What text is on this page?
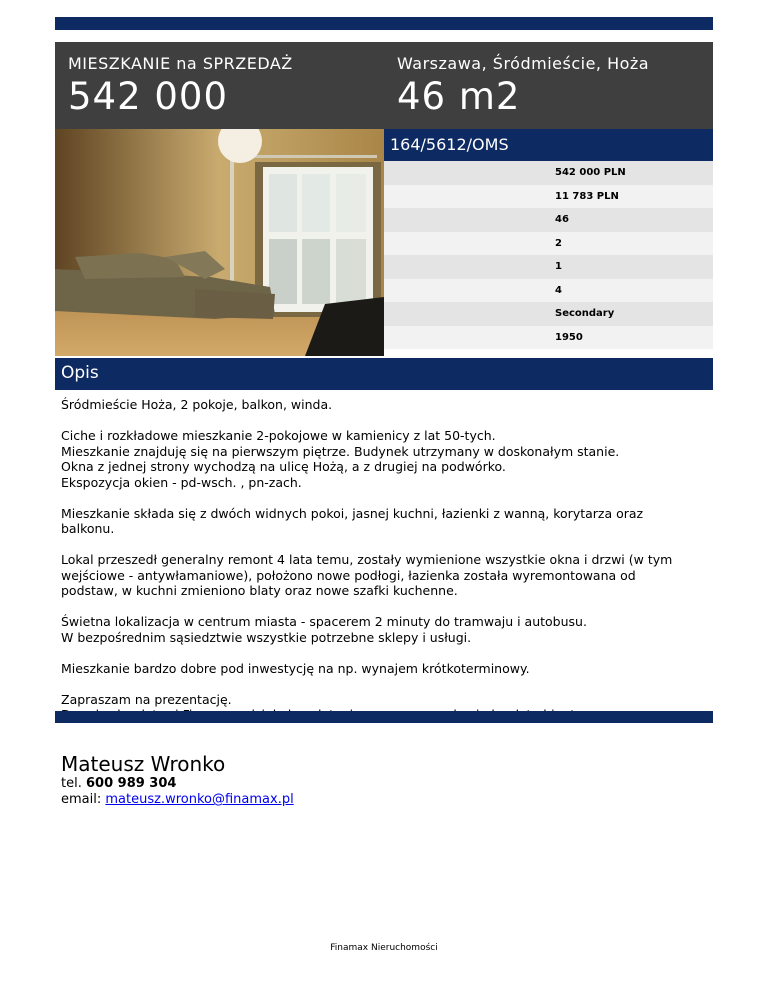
MIESZKANIE na SPRZEDAŻ
542 000
Warszawa, Śródmieście, Hoża
46 m2
164/5612/OMS
542 000 PLN
11 783 PLN
46
2
1
4
Secondary
1950
Opis

Śródmieście Hoża, 2 pokoje, balkon, winda.

Ciche i rozkładowe mieszkanie 2-pokojowe w kamienicy z lat 50-tych.
Mieszkanie znajduję się na pierwszym piętrze. Budynek utrzymany w doskonałym stanie.
Okna z jednej strony wychodzą na ulicę Hożą, a z drugiej na podwórko.
Ekspozycja okien - pd-wsch. , pn-zach.

Mieszkanie składa się z dwóch widnych pokoi, jasnej kuchni, łazienki z wanną, korytarza oraz
balkonu.

Lokal przeszedł generalny remont 4 lata temu, zostały wymienione wszystkie okna i drzwi (w tym
wejściowe - antywłamaniowe), położono nowe podłogi, łazienka została wyremontowana od
podstaw, w kuchni zmieniono blaty oraz nowe szafki kuchenne.

Świetna lokalizacja w centrum miasta - spacerem 2 minuty do tramwaju i autobusu.
W bezpośrednim sąsiedztwie wszystkie potrzebne sklepy i usługi.

Mieszkanie bardzo dobre pod inwestycję na np. wynajem krótkoterminowy.

Zapraszam na prezentację.

Mateusz Wronko
tel. 600 989 304
email: mateusz.wronko@finamax.pl
Finamax Nieruchomości
